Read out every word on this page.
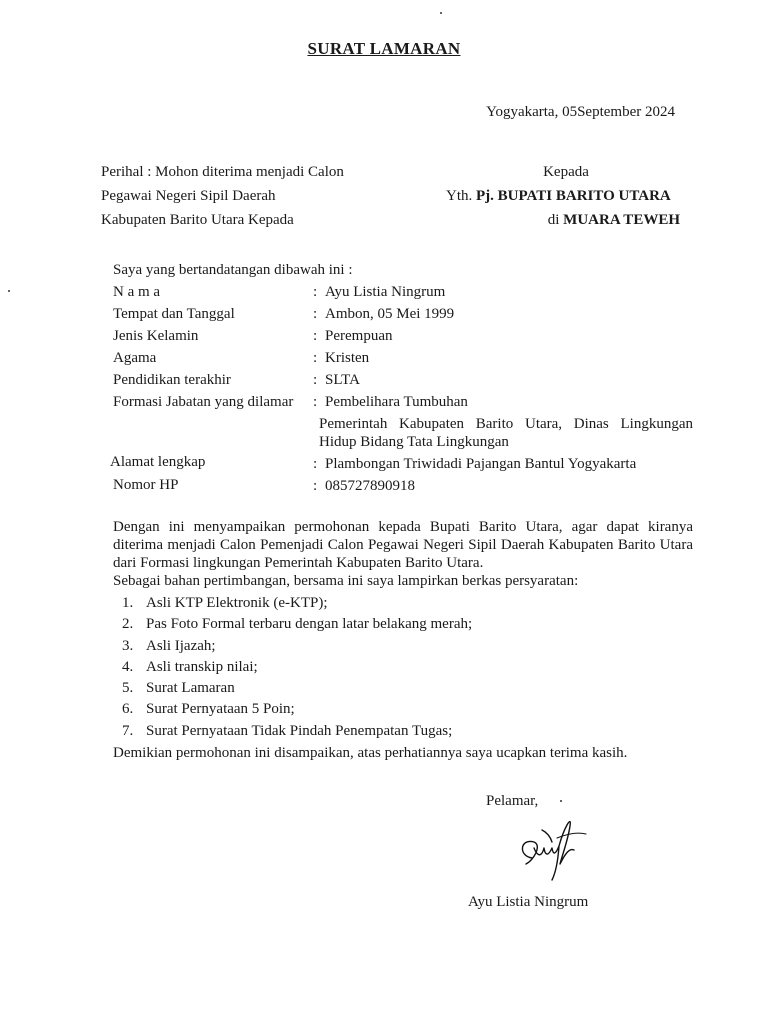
SURAT LAMARAN
Yogyakarta, 05September 2024
Perihal : Mohon diterima menjadi Calon
Pegawai Negeri Sipil Daerah
Kabupaten Barito Utara Kepada
Kepada
Yth. Pj. BUPATI BARITO UTARA
di MUARA TEWEH
Saya yang bertandatangan dibawah ini :
N a m a	: Ayu Listia Ningrum
Tempat dan Tanggal	: Ambon, 05 Mei 1999
Jenis Kelamin	: Perempuan
Agama	: Kristen
Pendidikan terakhir	: SLTA
Formasi Jabatan yang dilamar : Pembelihara Tumbuhan
Pemerintah Kabupaten Barito Utara, Dinas Lingkungan Hidup Bidang Tata Lingkungan
Alamat lengkap	: Plambongan Triwidadi Pajangan Bantul Yogyakarta
Nomor HP	: 085727890918
Dengan ini menyampaikan permohonan kepada Bupati Barito Utara, agar dapat kiranya diterima menjadi Calon Pemenjadi Calon Pegawai Negeri Sipil Daerah Kabupaten Barito Utara dari Formasi lingkungan Pemerintah Kabupaten Barito Utara.
Sebagai bahan pertimbangan, bersama ini saya lampirkan berkas persyaratan:
1. Asli KTP Elektronik (e-KTP);
2. Pas Foto Formal terbaru dengan latar belakang merah;
3. Asli Ijazah;
4. Asli transkip nilai;
5. Surat Lamaran
6. Surat Pernyataan 5 Poin;
7. Surat Pernyataan Tidak Pindah Penempatan Tugas;
Demikian permohonan ini disampaikan, atas perhatiannya saya ucapkan terima kasih.
Pelamar,
Ayu Listia Ningrum
